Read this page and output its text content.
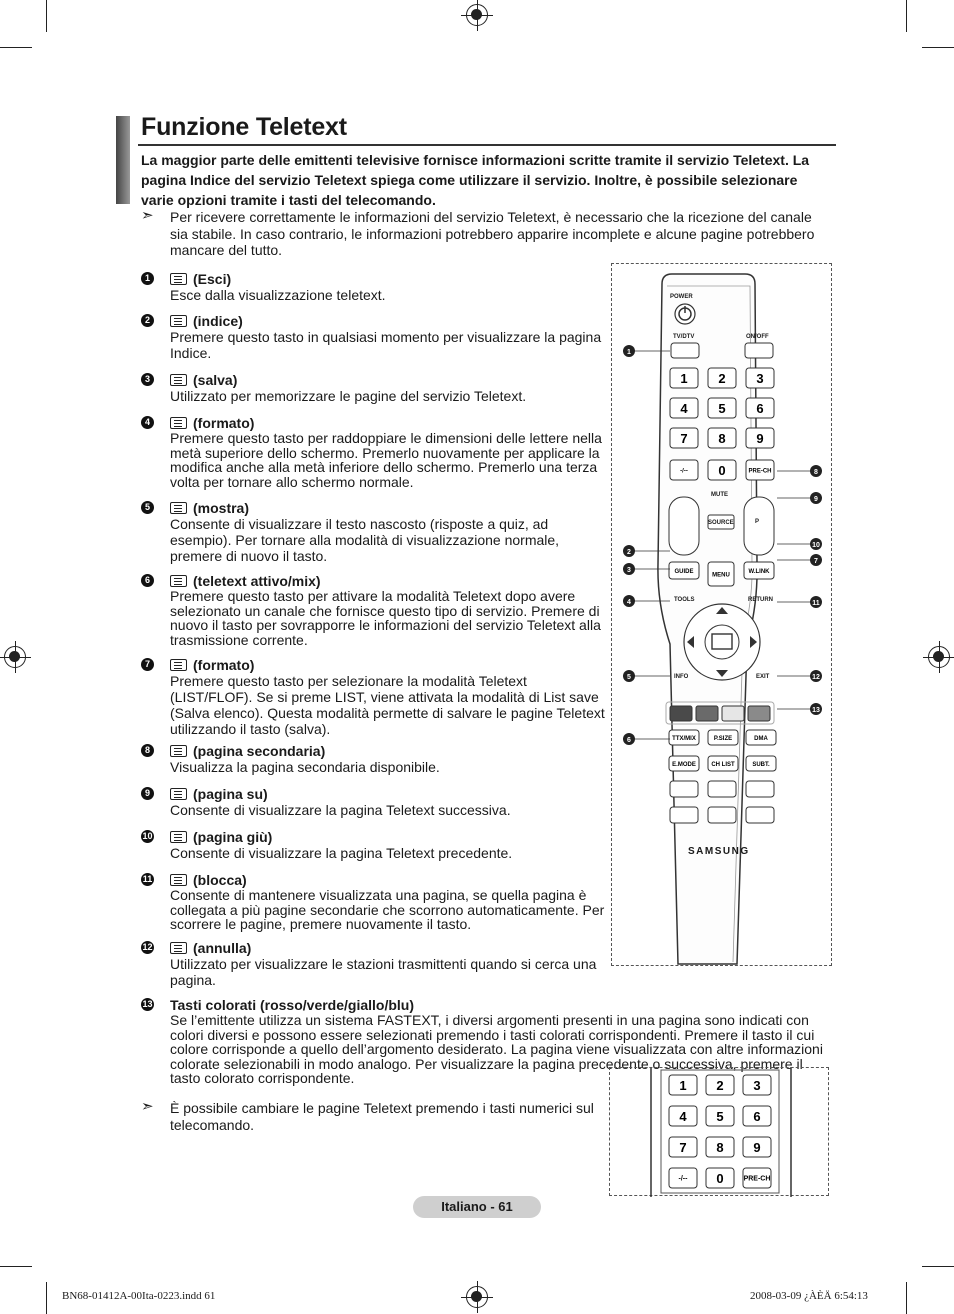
Funzione Teletext
La maggior parte delle emittenti televisive fornisce informazioni scritte tramite il servizio Teletext. La pagina Indice del servizio Teletext spiega come utilizzare il servizio. Inoltre, è possibile selezionare varie opzioni tramite i tasti del telecomando.
➣ Per ricevere correttamente le informazioni del servizio Teletext, è necessario che la ricezione del canale sia stabile. In caso contrario, le informazioni potrebbero apparire incomplete e alcune pagine potrebbero mancare del tutto.
1	(Esci)
Esce dalla visualizzazione teletext.
2	(indice)
Premere questo tasto in qualsiasi momento per visualizzare la pagina Indice.
3	(salva)
Utilizzato per memorizzare le pagine del servizio Teletext.
4	(formato)
Premere questo tasto per raddoppiare le dimensioni delle lettere nella metà superiore dello schermo. Premerlo nuovamente per applicare la modifica anche alla metà inferiore dello schermo. Premerlo una terza volta per tornare allo schermo normale.
5	(mostra)
Consente di visualizzare il testo nascosto (risposte a quiz, ad esempio). Per tornare alla modalità di visualizzazione normale, premere di nuovo il tasto.
6	(teletext attivo/mix)
Premere questo tasto per attivare la modalità Teletext dopo avere selezionato un canale che fornisce questo tipo di servizio. Premere di nuovo il tasto per sovrapporre le informazioni del servizio Teletext alla trasmissione corrente.
7	(formato)
Premere questo tasto per selezionare la modalità Teletext (LIST/FLOF). Se si preme LIST, viene attivata la modalità di List save (Salva elenco). Questa modalità permette di salvare le pagine Teletext utilizzando il tasto (salva).
8	(pagina secondaria)
Visualizza la pagina secondaria disponibile.
9	(pagina su)
Consente di visualizzare la pagina Teletext successiva.
10	(pagina giù)
Consente di visualizzare la pagina Teletext precedente.
11	(blocca)
Consente di mantenere visualizzata una pagina, se quella pagina è collegata a più pagine secondarie che scorrono automaticamente. Per scorrere le pagine, premere nuovamente il tasto.
12	(annulla)
Utilizzato per visualizzare le stazioni trasmittenti quando si cerca una pagina.
13 Tasti colorati (rosso/verde/giallo/blu)
Se l’emittente utilizza un sistema FASTEXT, i diversi argomenti presenti in una pagina sono indicati con colori diversi e possono essere selezionati premendo i tasti colorati corrispondenti. Premere il tasto il cui colore corrisponde a quello dell’argomento desiderato. La pagina viene visualizzata con altre informazioni colorate selezionabili in modo analogo. Per visualizzare la pagina precedente o successiva, premere il tasto colorato corrispondente.
➣ È possibile cambiare le pagine Teletext premendo i tasti numerici sul telecomando.
1 2 3
4 5 6
7 8 9
-/-- 0	PRE-CH
GUIDE
MENU
W.LINK
TTX/MIX	P.SIZE	DMA
E.MODE	CH LIST	SUBT.
1
2
3
4
5
6
7
8
9
10
11
12
13
POWER
TV/DTV	ON/OFF
MUTE
SOURCE	P
TOOLS	RETURN
INFO	EXIT
SAMSUNG
1 2 3
4 5 6
7 8 9
-/-- 0	PRE-CH
Italiano - 61
BN68-01412A-00Ita-0223.indd 61	2008-03-09 ¿ÀÈÄ 6:54:13
